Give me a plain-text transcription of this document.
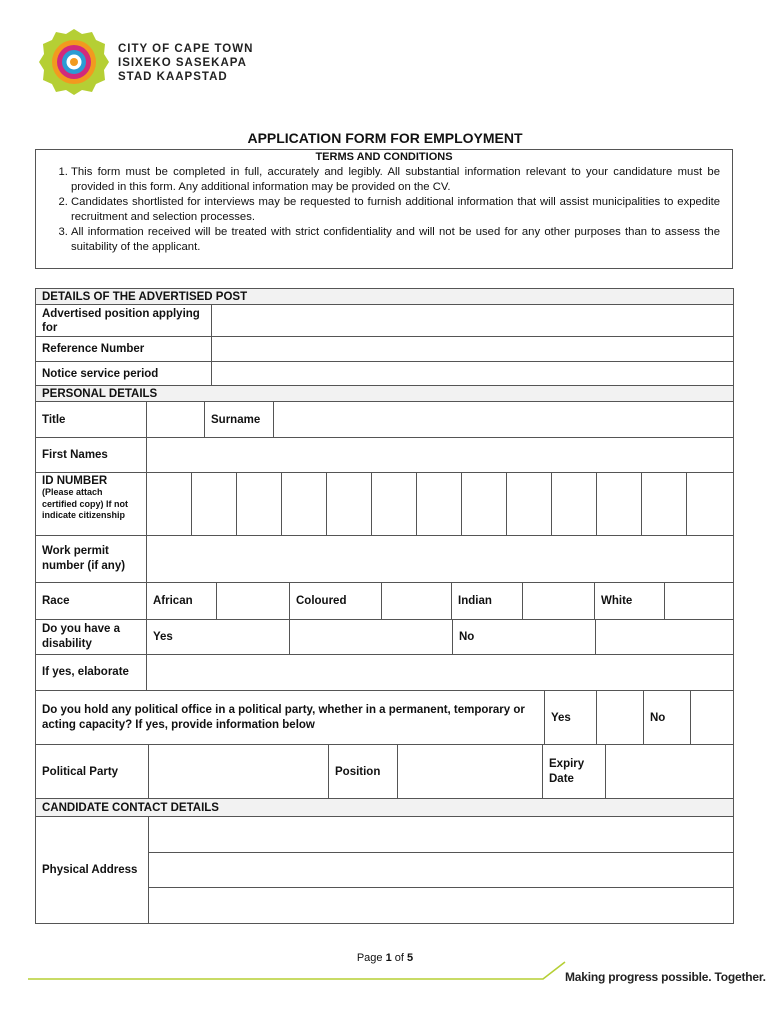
CITY OF CAPE TOWN
ISIXEKO SASEKAPA
STAD KAAPSTAD
APPLICATION FORM FOR EMPLOYMENT
TERMS AND CONDITIONS
1. This form must be completed in full, accurately and legibly. All substantial information relevant to your candidature must be provided in this form. Any additional information may be provided on the CV.
2. Candidates shortlisted for interviews may be requested to furnish additional information that will assist municipalities to expedite recruitment and selection processes.
3. All information received will be treated with strict confidentiality and will not be used for any other purposes than to assess the suitability of the applicant.
DETAILS OF THE ADVERTISED POST	
Advertised position applying for	
Reference Number	
Notice service period	
PERSONAL DETAILS			
Title		Surname	
First Names			
ID NUMBER
(Please attach certified copy) If not indicate citizenship

Work permit number (if any)	
Race	African		Coloured		Indian		White	
Do you have a disability	Yes		No	
If yes, elaborate	
Do you hold any political office in a political party, whether in a permanent, temporary or acting capacity? If yes, provide information below	Yes		No	
Political Party		Position		Expiry Date	
CANDIDATE CONTACT DETAILS
Physical Address	

Page 1 of 5
Making progress possible. Together.
